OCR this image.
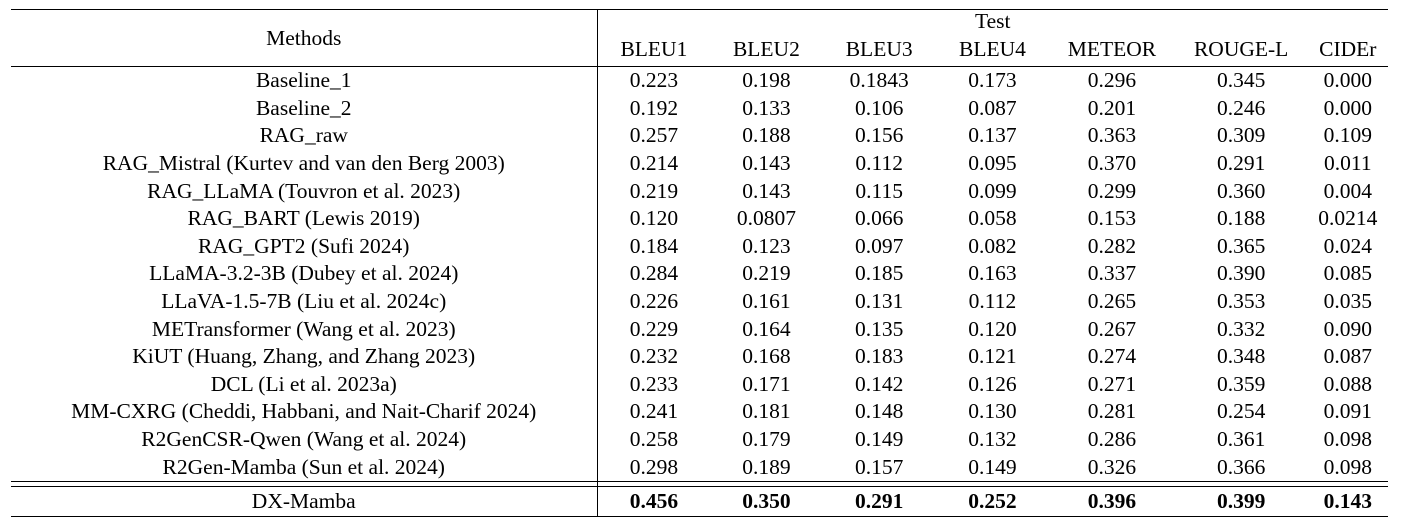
Methods	Test						
	BLEU1	BLEU2	BLEU3	BLEU4	METEOR	ROUGE-L	CIDEr
Baseline_1	0.223	0.198	0.1843	0.173	0.296	0.345	0.000
Baseline_2	0.192	0.133	0.106	0.087	0.201	0.246	0.000
RAG_raw	0.257	0.188	0.156	0.137	0.363	0.309	0.109
RAG_Mistral (Kurtev and van den Berg 2003)	0.214	0.143	0.112	0.095	0.370	0.291	0.011
RAG_LLaMA (Touvron et al. 2023)	0.219	0.143	0.115	0.099	0.299	0.360	0.004
RAG_BART (Lewis 2019)	0.120	0.0807	0.066	0.058	0.153	0.188	0.0214
RAG_GPT2 (Sufi 2024)	0.184	0.123	0.097	0.082	0.282	0.365	0.024
LLaMA-3.2-3B (Dubey et al. 2024)	0.284	0.219	0.185	0.163	0.337	0.390	0.085
LLaVA-1.5-7B (Liu et al. 2024c)	0.226	0.161	0.131	0.112	0.265	0.353	0.035
METransformer (Wang et al. 2023)	0.229	0.164	0.135	0.120	0.267	0.332	0.090
KiUT (Huang, Zhang, and Zhang 2023)	0.232	0.168	0.183	0.121	0.274	0.348	0.087
DCL (Li et al. 2023a)	0.233	0.171	0.142	0.126	0.271	0.359	0.088
MM-CXRG (Cheddi, Habbani, and Nait-Charif 2024)	0.241	0.181	0.148	0.130	0.281	0.254	0.091
R2GenCSR-Qwen (Wang et al. 2024)	0.258	0.179	0.149	0.132	0.286	0.361	0.098
R2Gen-Mamba (Sun et al. 2024)	0.298	0.189	0.157	0.149	0.326	0.366	0.098

DX-Mamba	0.456	0.350	0.291	0.252	0.396	0.399	0.143
